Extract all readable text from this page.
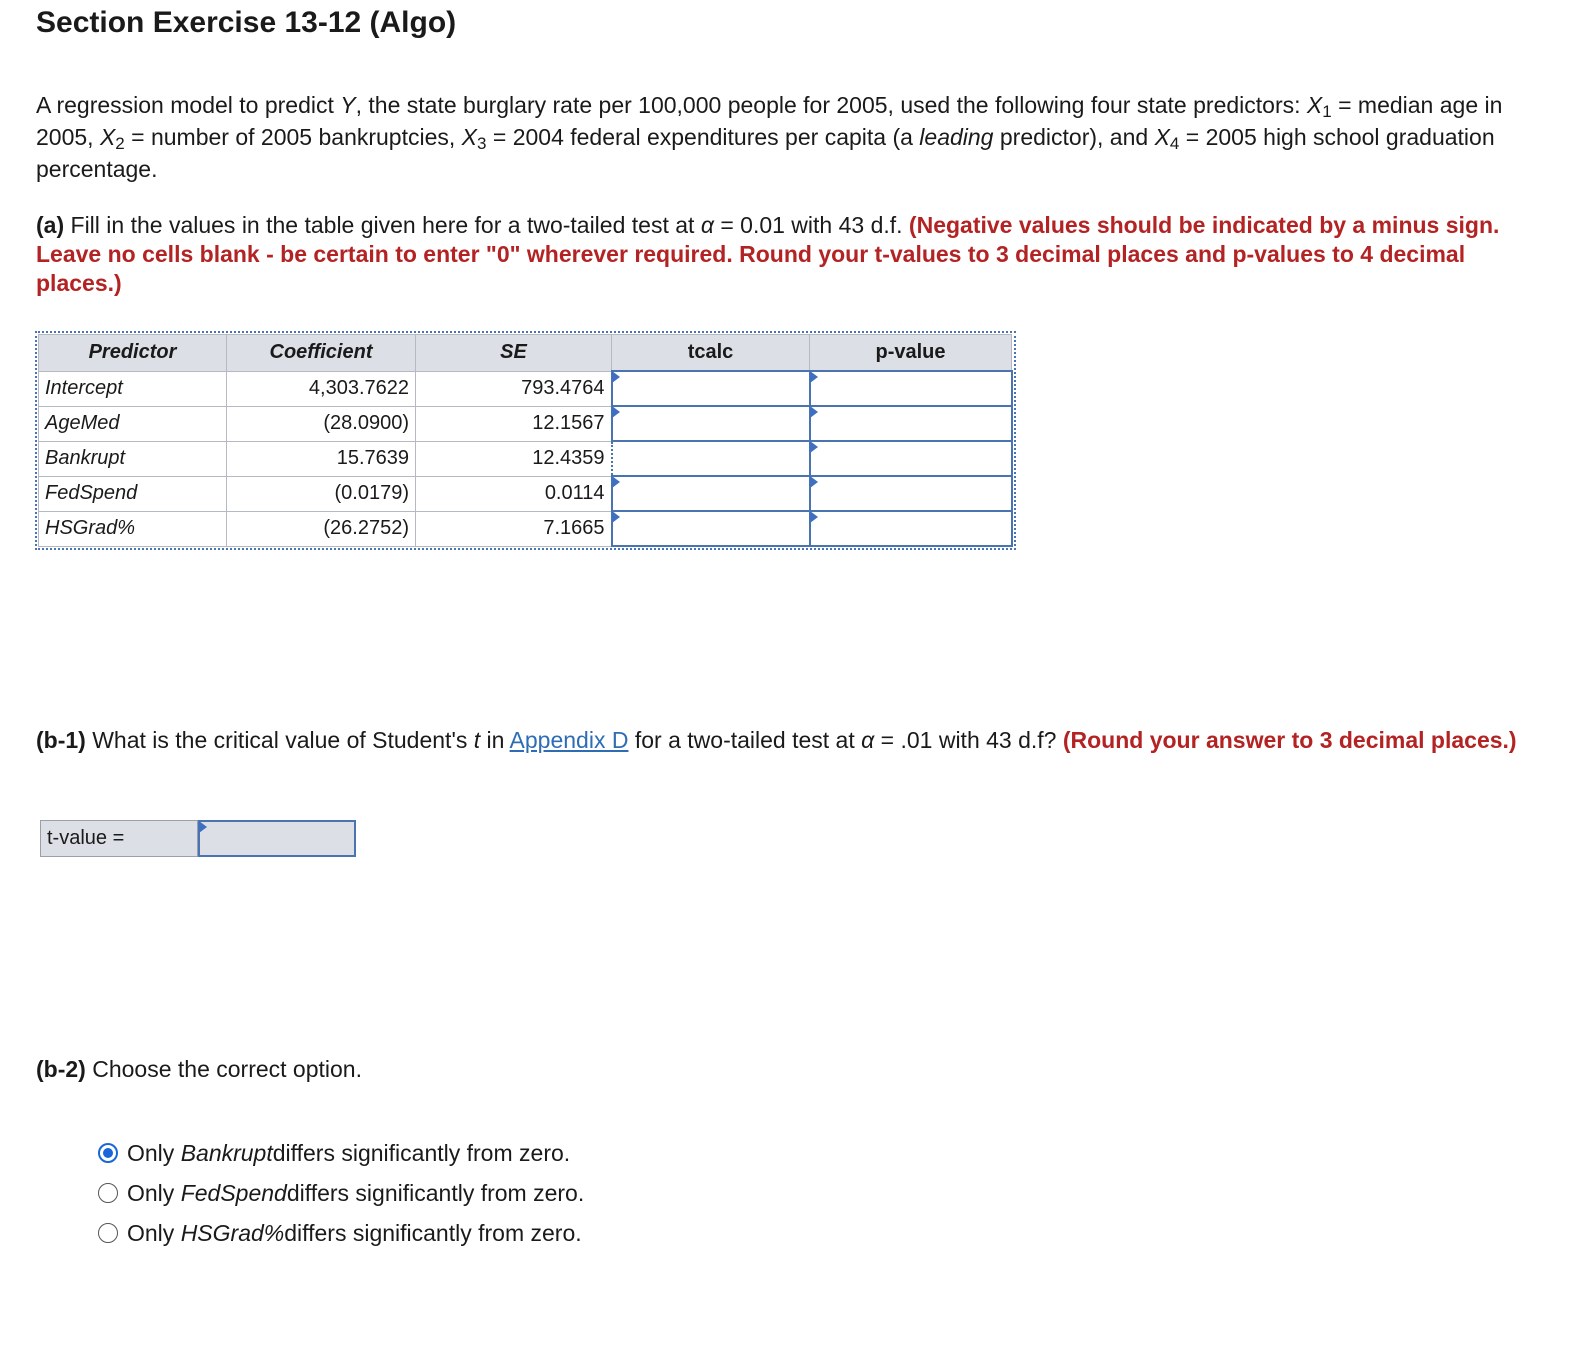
Section Exercise 13-12 (Algo)

A regression model to predict Y, the state burglary rate per 100,000 people for 2005, used the following four state predictors: $X_1$ = median age in 2005, $X_2$ = number of 2005 bankruptcies, $X_3 = 2004$ federal expenditures per capita (a leading predictor), and $X_4 = 2005$ high school graduation percentage.

(a) Fill in the values in the table given here for a two-tailed test at α = 0.01 with 43 d.f. (Negative values should be indicated by a minus sign. Leave no cells blank - be certain to enter "0" wherever required. Round your t-values to 3 decimal places and p-values to 4 decimal places.)

Predictor	Coefficient	SE	tcalc	p-value
Intercept	4,303.7622	793.4764	

AgeMed	(28.0900)	12.1567	

Bankrupt	15.7639	12.4359		

FedSpend	(0.0179)	0.0114	

HSGrad%	(26.2752)	7.1665	

(b-1) What is the critical value of Student's t in Appendix D for a two-tailed test at α = .01 with 43 d.f? (Round your answer to 3 decimal places.)

t-value =

(b-2) Choose the correct option.

Only
Bankrupt differs significantly from zero.
Only
FedSpend differs significantly from zero.
Only
HSGrad% differs significantly from zero.
